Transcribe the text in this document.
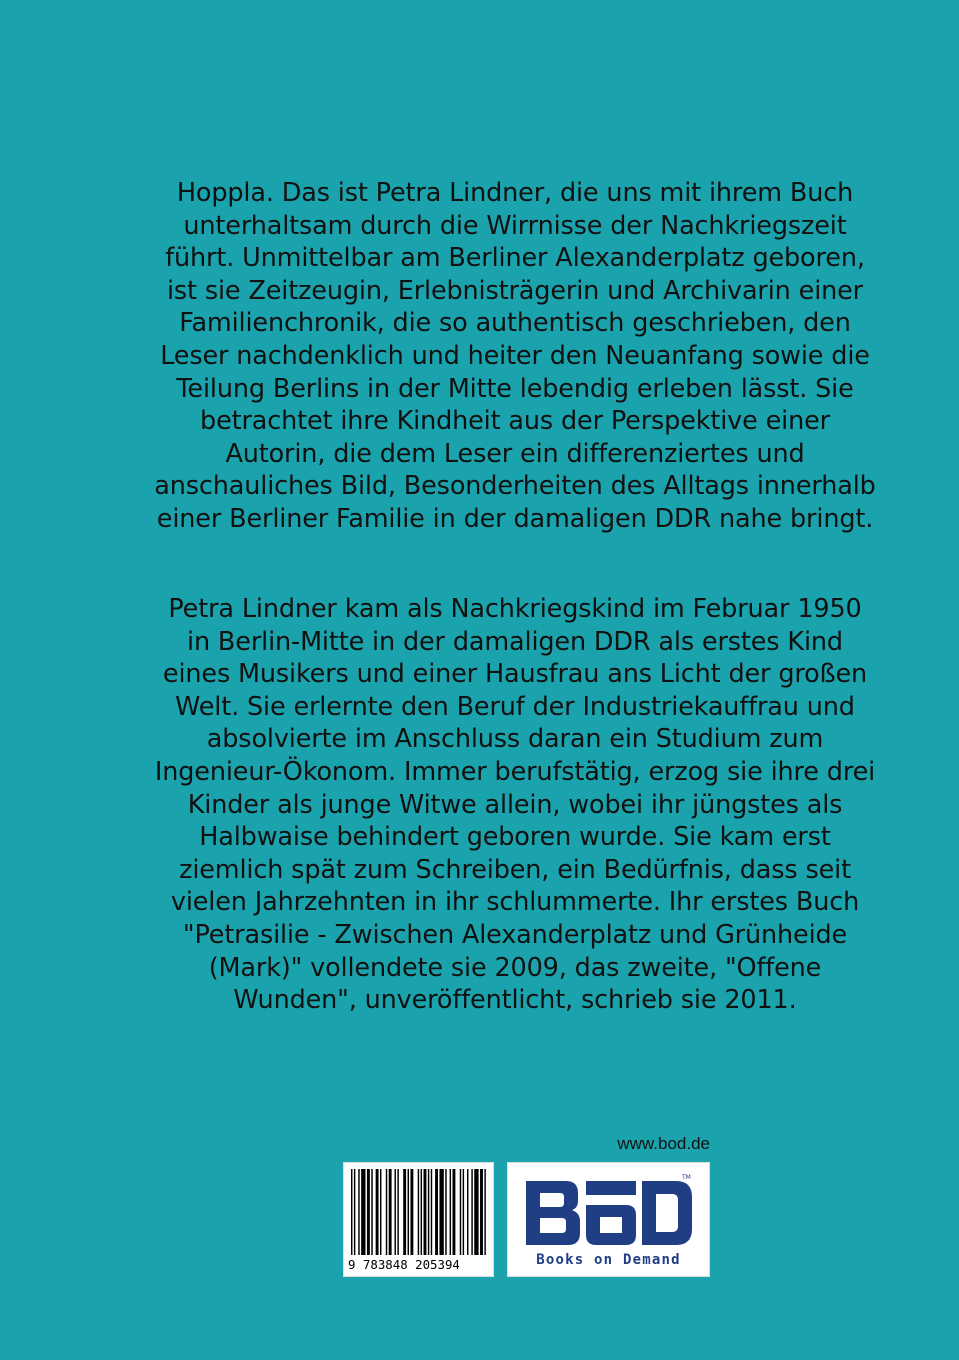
Hoppla. Das ist Petra Lindner, die uns mit ihrem Buch
unterhaltsam durch die Wirrnisse der Nachkriegszeit
führt. Unmittelbar am Berliner Alexanderplatz geboren,
ist sie Zeitzeugin, Erlebnisträgerin und Archivarin einer
Familienchronik, die so authentisch geschrieben, den
Leser nachdenklich und heiter den Neuanfang sowie die
Teilung Berlins in der Mitte lebendig erleben lässt. Sie
betrachtet ihre Kindheit aus der Perspektive einer
Autorin, die dem Leser ein differenziertes und
anschauliches Bild, Besonderheiten des Alltags innerhalb
einer Berliner Familie in der damaligen DDR nahe bringt.
Petra Lindner kam als Nachkriegskind im Februar 1950
in Berlin-Mitte in der damaligen DDR als erstes Kind
eines Musikers und einer Hausfrau ans Licht der großen
Welt. Sie erlernte den Beruf der Industriekauffrau und
absolvierte im Anschluss daran ein Studium zum
Ingenieur-Ökonom. Immer berufstätig, erzog sie ihre drei
Kinder als junge Witwe allein, wobei ihr jüngstes als
Halbwaise behindert geboren wurde. Sie kam erst
ziemlich spät zum Schreiben, ein Bedürfnis, dass seit
vielen Jahrzehnten in ihr schlummerte. Ihr erstes Buch
"Petrasilie - Zwischen Alexanderplatz und Grünheide
(Mark)" vollendete sie 2009, das zweite, "Offene
Wunden", unveröffentlicht, schrieb sie 2011.
www.bod.de
9 783848 205394
TM
Books on Demand
